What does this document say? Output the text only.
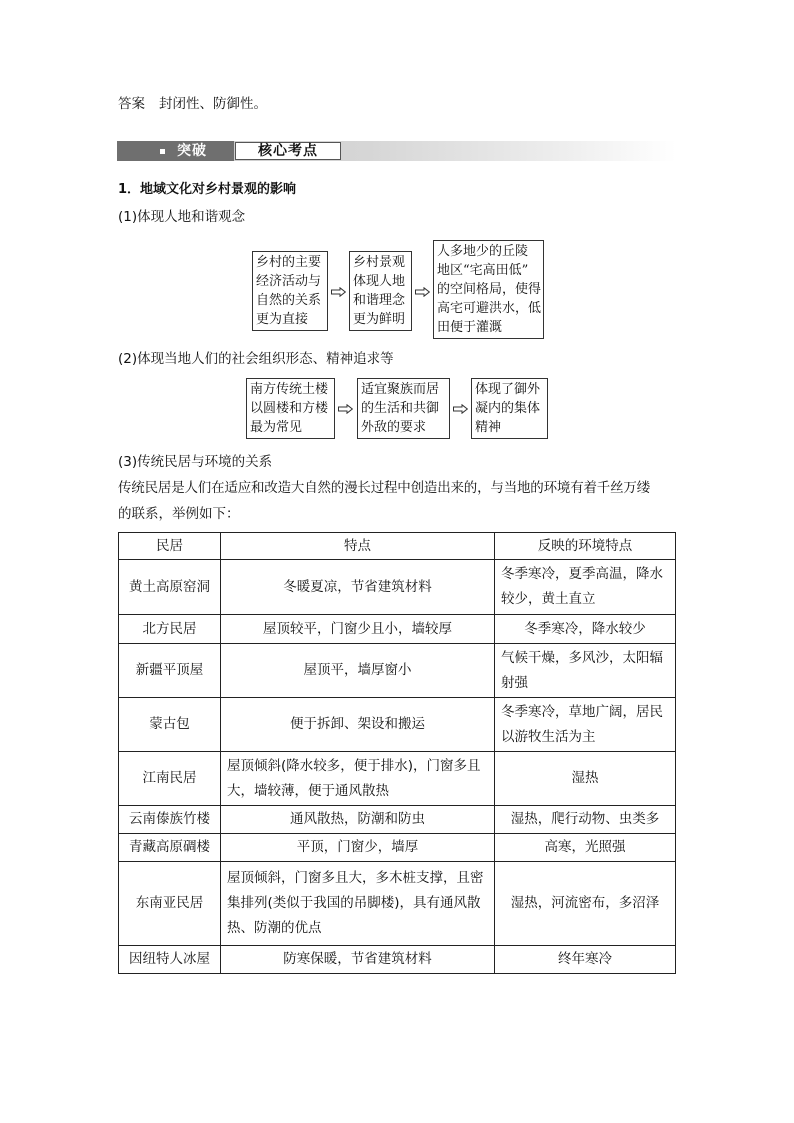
答案 封闭性、防御性。
突破	核心考点
1．地域文化对乡村景观的影响
(1)体现人地和谐观念
乡村的主要
经济活动与
自然的关系
更为直接
乡村景观
体现人地
和谐理念
更为鲜明
人多地少的丘陵
地区“宅高田低”
的空间格局，使得
高宅可避洪水，低
田便于灌溉
(2)体现当地人们的社会组织形态、精神追求等
南方传统土楼
以圆楼和方楼
最为常见
适宜聚族而居
的生活和共御
外敌的要求
体现了御外
凝内的集体
精神
(3)传统民居与环境的关系
传统民居是人们在适应和改造大自然的漫长过程中创造出来的，与当地的环境有着千丝万缕
的联系，举例如下：
民居	特点	反映的环境特点
黄土高原窑洞	冬暖夏凉，节省建筑材料	冬季寒冷，夏季高温，降水
较少，黄土直立

北方民居	屋顶较平，门窗少且小，墙较厚	冬季寒冷，降水较少

新疆平顶屋	屋顶平，墙厚窗小	气候干燥，多风沙，太阳辐
射强

蒙古包	便于拆卸、架设和搬运	冬季寒冷，草地广阔，居民
以游牧生活为主

江南民居	屋顶倾斜(降水较多，便于排水)，门窗多且
大，墙较薄，便于通风散热	湿热

云南傣族竹楼	通风散热，防潮和防虫	湿热，爬行动物、虫类多

青藏高原碉楼	平顶，门窗少，墙厚	高寒，光照强

东南亚民居	屋顶倾斜，门窗多且大，多木桩支撑，且密
集排列(类似于我国的吊脚楼)，具有通风散
热、防潮的优点	湿热，河流密布，多沼泽

因纽特人冰屋	防寒保暖，节省建筑材料	终年寒冷
